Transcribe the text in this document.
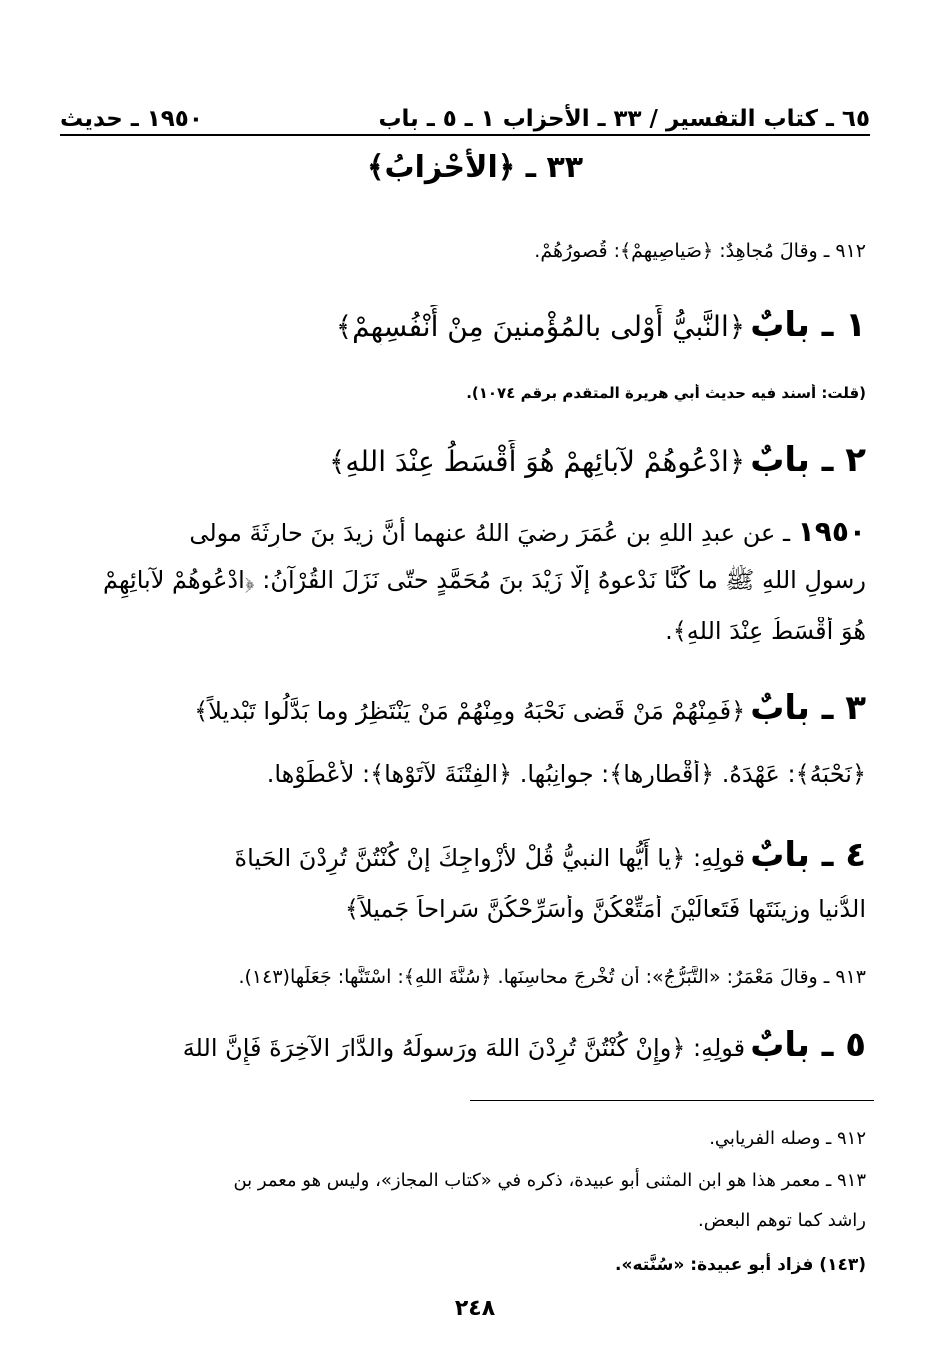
١٩٥٠ ـ حديث	٦٥ ـ كتاب التفسير / ٣٣ ـ الأحزاب ١ ـ ٥ ـ باب
٣٣ ـ ﴿الأحْزابُ﴾
٩١٢ ـ وقالَ مُجاهِدٌ: ﴿صَياصِيهِمْ﴾: قُصورُهُمْ.
١ ـ بابٌ ﴿النَّبيُّ أَوْلى بالمُؤْمنينَ مِنْ أَنْفُسِهِمْ﴾
(قلت: أسند فيه حديث أبي هريرة المتقدم برقم ١٠٧٤).
٢ ـ بابٌ ﴿ادْعُوهُمْ لآبائِهِمْ هُوَ أَقْسَطُ عِنْدَ اللهِ﴾
١٩٥٠ ـ عن عبدِ اللهِ بن عُمَرَ رضيَ اللهُ عنهما أنَّ زيدَ بنَ حارِثَةَ مولى
رسولِ اللهِ ﷺ ما كُنَّا نَدْعوهُ إلَّا زَيْدَ بنَ مُحَمَّدٍ حتّى نَزَلَ القُرْآنُ: ﴿ادْعُوهُمْ لآبائِهِمْ
هُوَ أَقْسَطُ عِنْدَ اللهِ﴾.
٣ ـ بابٌ ﴿فَمِنْهُمْ مَنْ قَضى نَحْبَهُ ومِنْهُمْ مَنْ يَنْتَظِرُ وما بَدَّلُوا تَبْديلاً﴾
﴿نَحْبَهُ﴾: عَهْدَهُ. ﴿أَقْطارِها﴾: جوانِبُها. ﴿الفِتْنَةَ لآتَوْها﴾: لأعْطَوْها.
٤ ـ بابٌ قولِهِ: ﴿يا أَيُّها النبيُّ قُلْ لأزْواجِكَ إنْ كُنْتُنَّ تُرِدْنَ الحَياةَ
الدُّنيا وزينَتَها فَتَعالَيْنَ أُمَتِّعْكُنَّ وأُسَرِّحْكُنَّ سَراحاً جَميلاً﴾
٩١٣ ـ وقالَ مَعْمَرٌ: «التَّبَرُّجُ»: أن تُخْرِجَ محاسِنَها. ﴿سُنَّةَ اللهِ﴾: اسْتَنَّها: جَعَلَها(١٤٣).
٥ ـ بابٌ قولِهِ: ﴿وإِنْ كُنْتُنَّ تُرِدْنَ اللهَ ورَسولَهُ والدَّارَ الآخِرَةَ فَإِنَّ اللهَ
٩١٢ ـ وصله الفريابي.
٩١٣ ـ معمر هذا هو ابن المثنى أبو عبيدة، ذكره في «كتاب المجاز»، وليس هو معمر بن
راشد كما توهم البعض.
(١٤٣) فزاد أبو عبيدة: «سُنَّته».
٢٤٨
